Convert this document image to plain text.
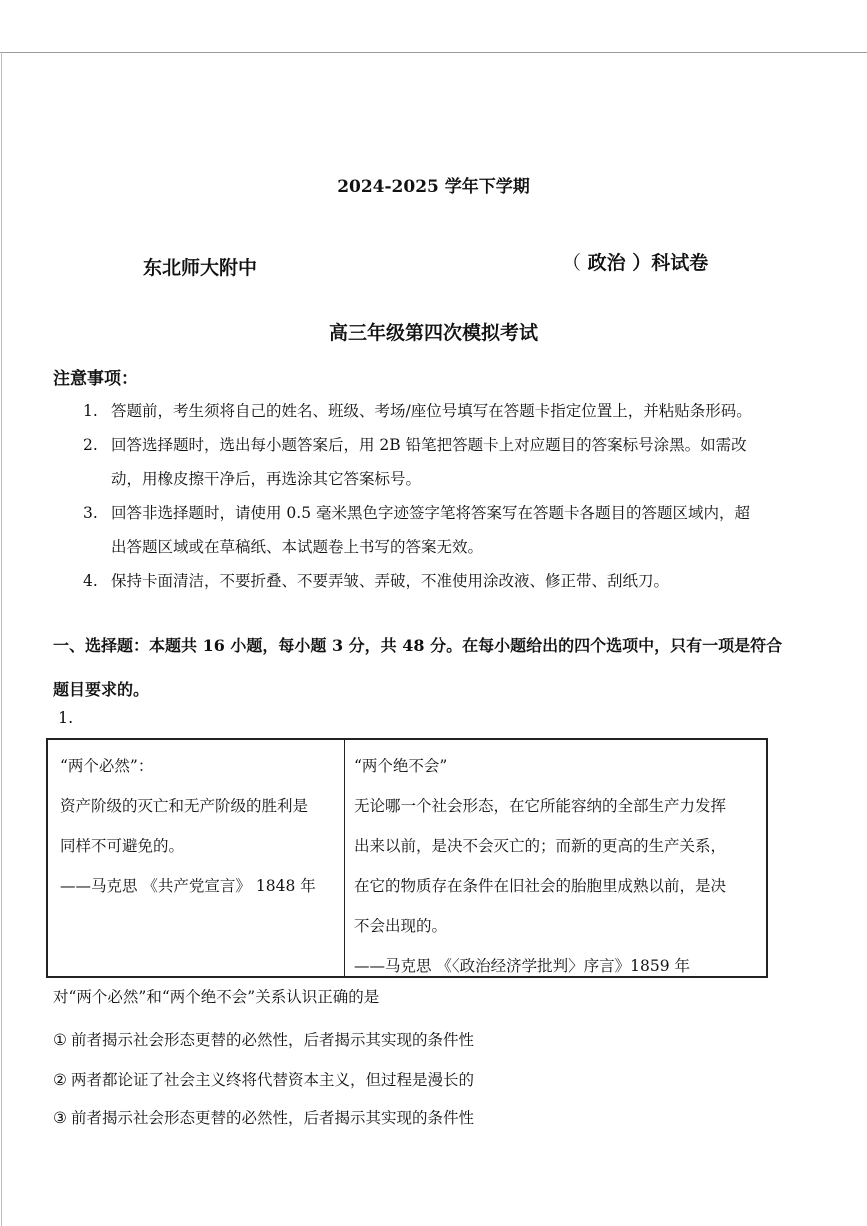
2024-2025 学年下学期
东北师大附中	（ 政治 ）科试卷
高三年级第四次模拟考试
注意事项：
1. 答题前，考生须将自己的姓名、班级、考场/座位号填写在答题卡指定位置上，并粘贴条形码。
2. 回答选择题时，选出每小题答案后，用 2B 铅笔把答题卡上对应题目的答案标号涂黑。如需改
动，用橡皮擦干净后，再选涂其它答案标号。
3. 回答非选择题时，请使用 0.5 毫米黑色字迹签字笔将答案写在答题卡各题目的答题区域内，超
出答题区域或在草稿纸、本试题卷上书写的答案无效。
4. 保持卡面清洁，不要折叠、不要弄皱、弄破，不准使用涂改液、修正带、刮纸刀。
一、选择题：本题共 16 小题，每小题 3 分，共 48 分。在每小题给出的四个选项中，只有一项是符合
题目要求的。
1.

“两个必然”：

资产阶级的灭亡和无产阶级的胜利是

同样不可避免的。

——马克思 《共产党宣言》 1848 年

“两个绝不会”

无论哪一个社会形态，在它所能容纳的全部生产力发挥

出来以前，是决不会灭亡的；而新的更高的生产关系，

在它的物质存在条件在旧社会的胎胞里成熟以前，是决

不会出现的。

——马克思 《〈政治经济学批判〉序言》1859 年

对“两个必然”和“两个绝不会”关系认识正确的是
① 前者揭示社会形态更替的必然性，后者揭示其实现的条件性
② 两者都论证了社会主义终将代替资本主义，但过程是漫长的
③ 前者揭示社会形态更替的必然性，后者揭示其实现的条件性
